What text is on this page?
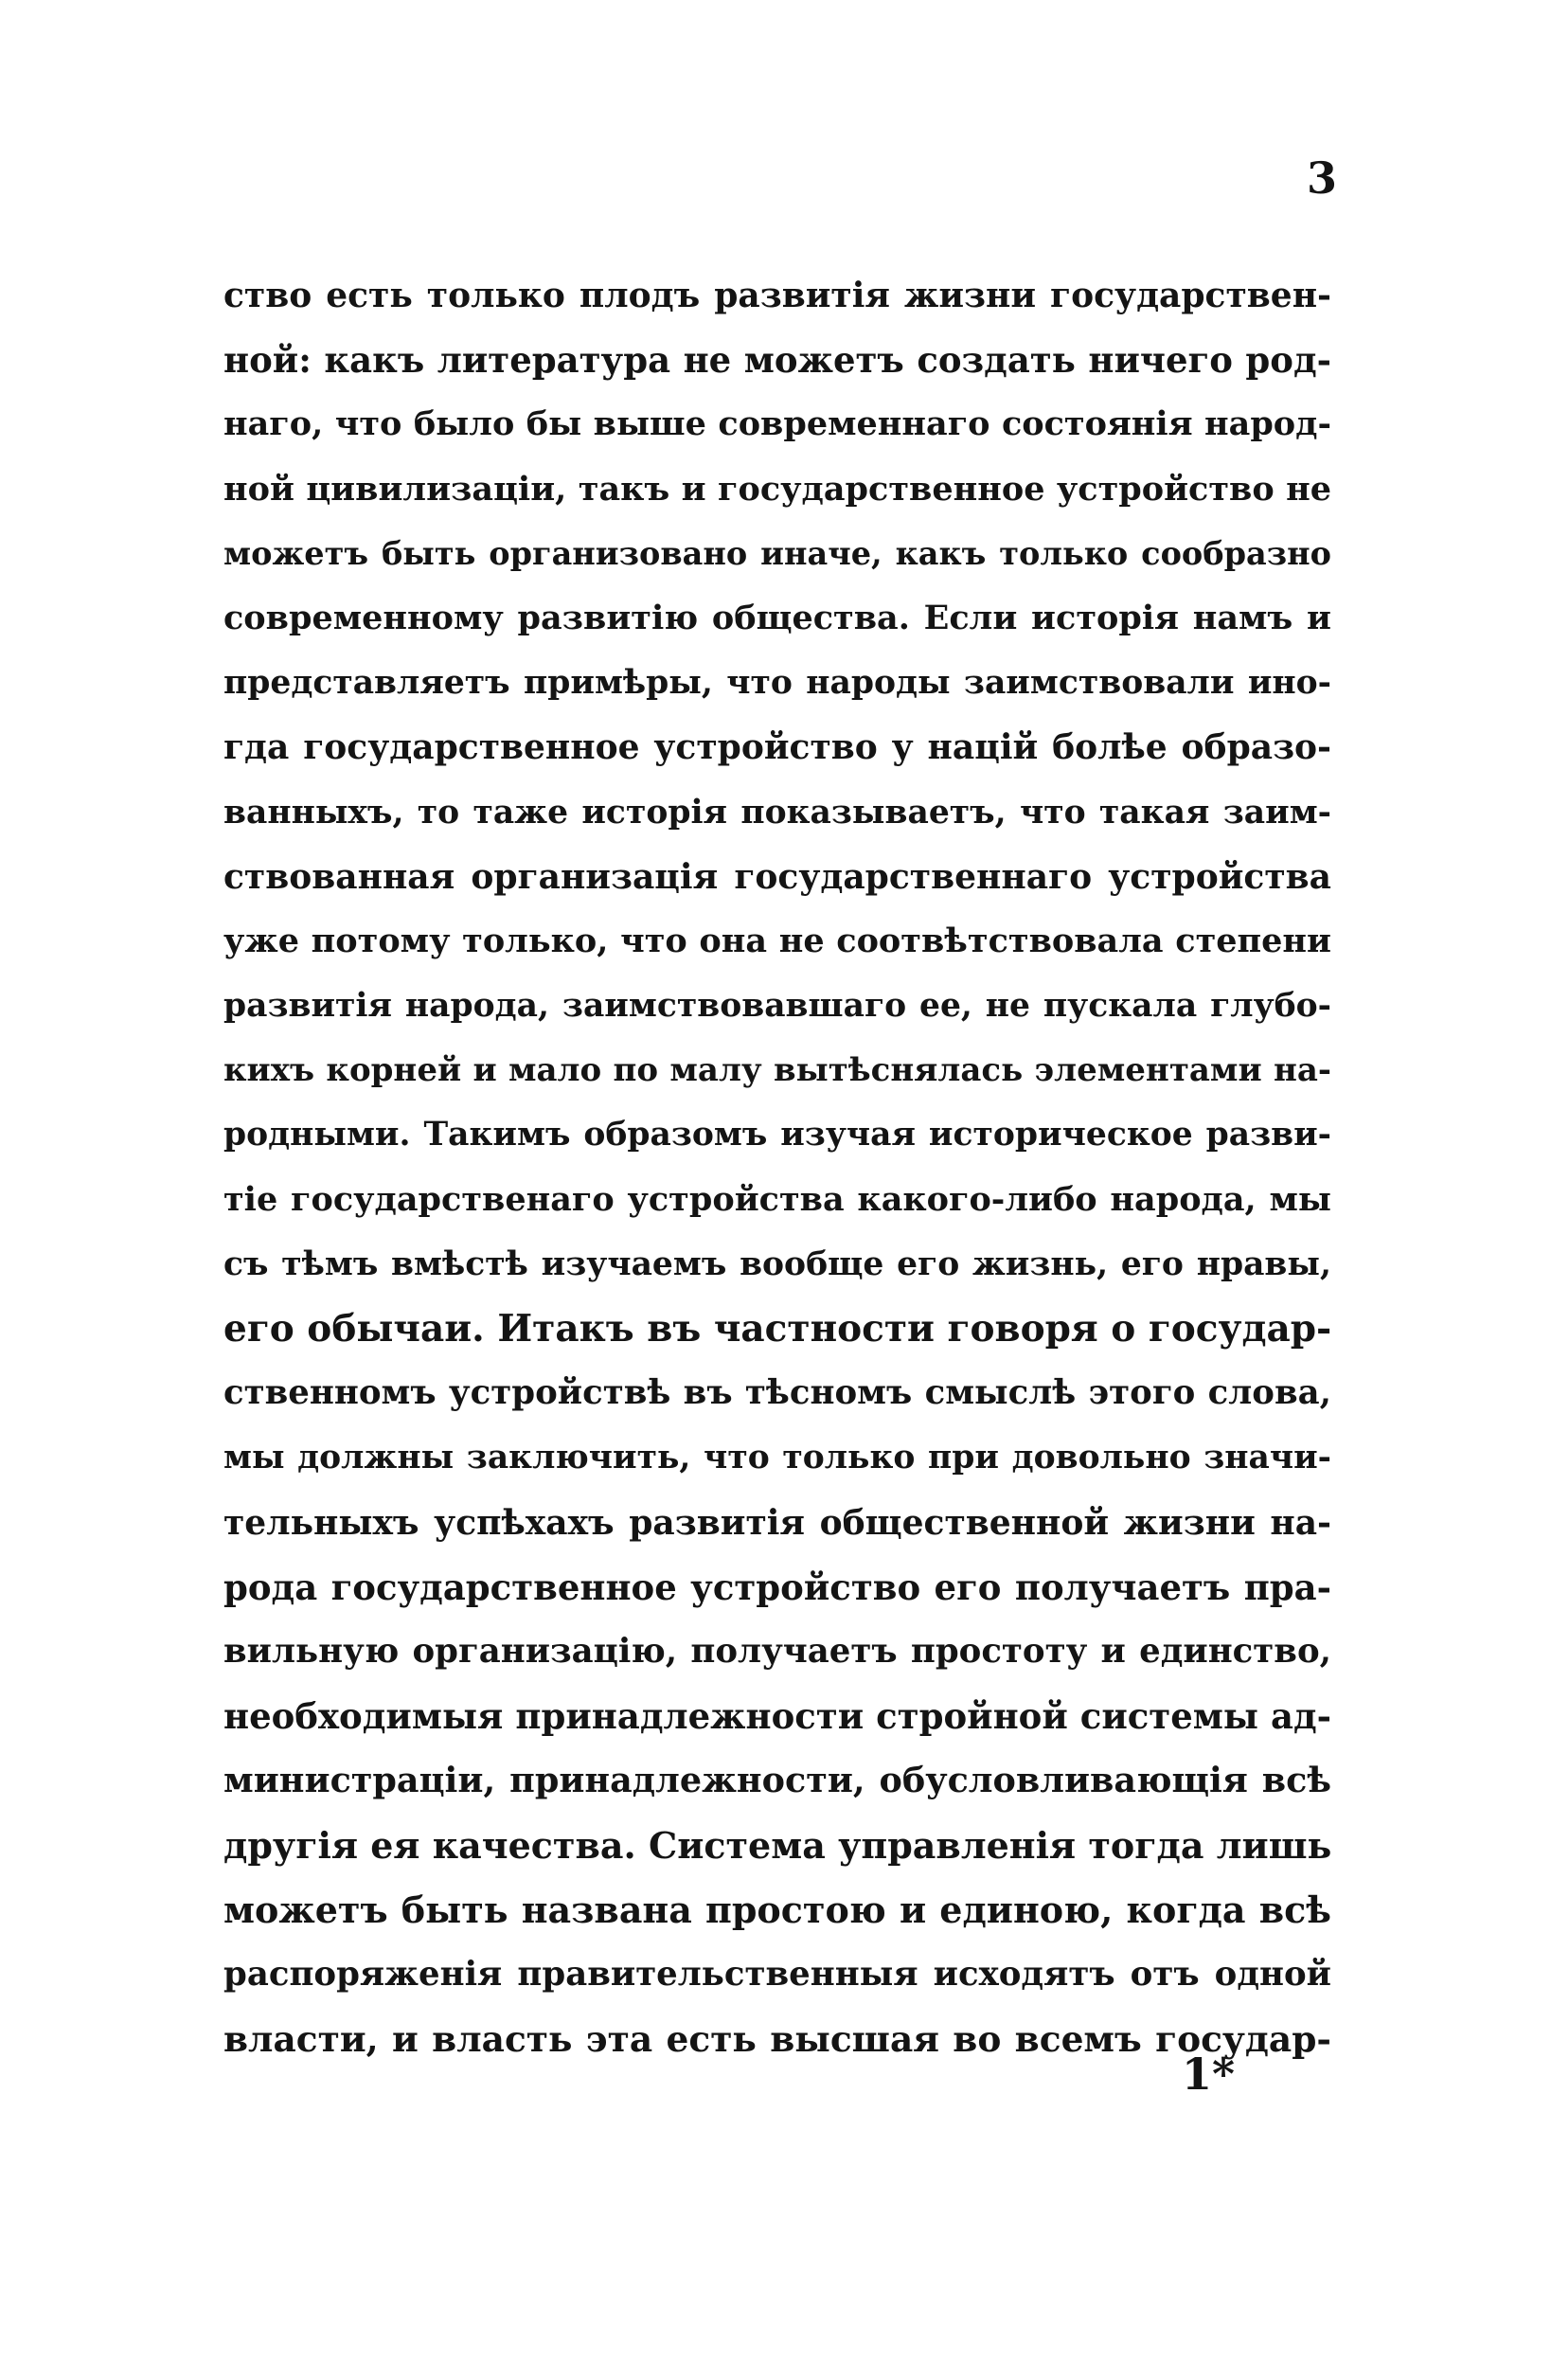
3
ство есть только плодъ развитія жизни государствен-
ной: какъ литература не можетъ создать ничего род-
наго, что было бы выше современнаго состоянія народ-
ной цивилизаціи, такъ и государственное устройство не
можетъ быть организовано иначе, какъ только сообразно
современному развитію общества. Если исторія намъ и
представляетъ примѣры, что народы заимствовали ино-
гда государственное устройство у націй болѣе образо-
ванныхъ, то таже исторія показываетъ, что такая заим-
ствованная организація государственнаго устройства
уже потому только, что она не соотвѣтствовала степени
развитія народа, заимствовавшаго ее, не пускала глубо-
кихъ корней и мало по малу вытѣснялась элементами на-
родными. Такимъ образомъ изучая историческое разви-
тіе государственаго устройства какого-либо народа, мы
съ тѣмъ вмѣстѣ изучаемъ вообще его жизнь, его нравы,
его обычаи. Итакъ въ частности говоря о государ-
ственномъ устройствѣ въ тѣсномъ смыслѣ этого слова,
мы должны заключить, что только при довольно значи-
тельныхъ успѣхахъ развитія общественной жизни на-
рода государственное устройство его получаетъ пра-
вильную организацію, получаетъ простоту и единство,
необходимыя принадлежности стройной системы ад-
министраціи, принадлежности, обусловливающія всѣ
другія ея качества. Система управленія тогда лишь
можетъ быть названа простою и единою, когда всѣ
распоряженія правительственныя исходятъ отъ одной
власти, и власть эта есть высшая во всемъ государ-
1*
